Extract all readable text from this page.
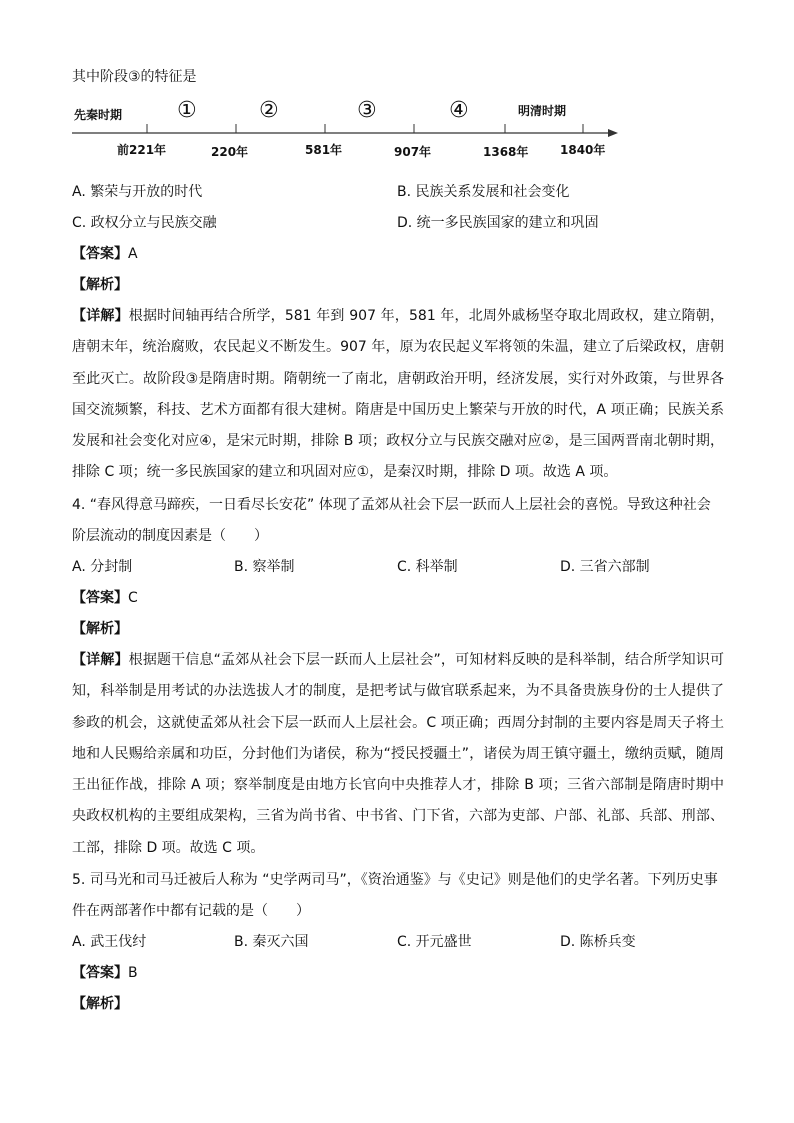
其中阶段③的特征是
先秦时期	明清时期
①	②	③	④
前221年	220年	581年	907年	1368年	1840年
A. 繁荣与开放的时代	B. 民族关系发展和社会变化
C. 政权分立与民族交融	D. 统一多民族国家的建立和巩固
【答案】A
【解析】
【详解】根据时间轴再结合所学，581 年到 907 年，581 年，北周外戚杨坚夺取北周政权，建立隋朝，唐朝末年，统治腐败，农民起义不断发生。907 年，原为农民起义军将领的朱温，建立了后梁政权，唐朝至此灭亡。故阶段③是隋唐时期。隋朝统一了南北，唐朝政治开明，经济发展，实行对外政策，与世界各国交流频繁，科技、艺术方面都有很大建树。隋唐是中国历史上繁荣与开放的时代，A 项正确；民族关系发展和社会变化对应④，是宋元时期，排除 B 项；政权分立与民族交融对应②，是三国两晋南北朝时期，排除 C 项；统一多民族国家的建立和巩固对应①，是秦汉时期，排除 D 项。故选 A 项。
4. “春风得意马蹄疾，一日看尽长安花” 体现了孟郊从社会下层一跃而人上层社会的喜悦。导致这种社会
阶层流动的制度因素是（　　）
A. 分封制	B. 察举制	C. 科举制	D. 三省六部制
【答案】C
【解析】
【详解】根据题干信息“孟郊从社会下层一跃而人上层社会”，可知材料反映的是科举制，结合所学知识可知，科举制是用考试的办法选拔人才的制度，是把考试与做官联系起来，为不具备贵族身份的士人提供了参政的机会，这就使孟郊从社会下层一跃而人上层社会。C 项正确；西周分封制的主要内容是周天子将土地和人民赐给亲属和功臣，分封他们为诸侯，称为“授民授疆土”，诸侯为周王镇守疆土，缴纳贡赋，随周王出征作战，排除 A 项；察举制度是由地方长官向中央推荐人才，排除 B 项；三省六部制是隋唐时期中央政权机构的主要组成架构，三省为尚书省、中书省、门下省，六部为吏部、户部、礼部、兵部、刑部、工部，排除 D 项。故选 C 项。
5. 司马光和司马迁被后人称为 “史学两司马”，《资治通鉴》与《史记》则是他们的史学名著。下列历史事
件在两部著作中都有记载的是（　　）
A. 武王伐纣	B. 秦灭六国	C. 开元盛世	D. 陈桥兵变
【答案】B
【解析】
